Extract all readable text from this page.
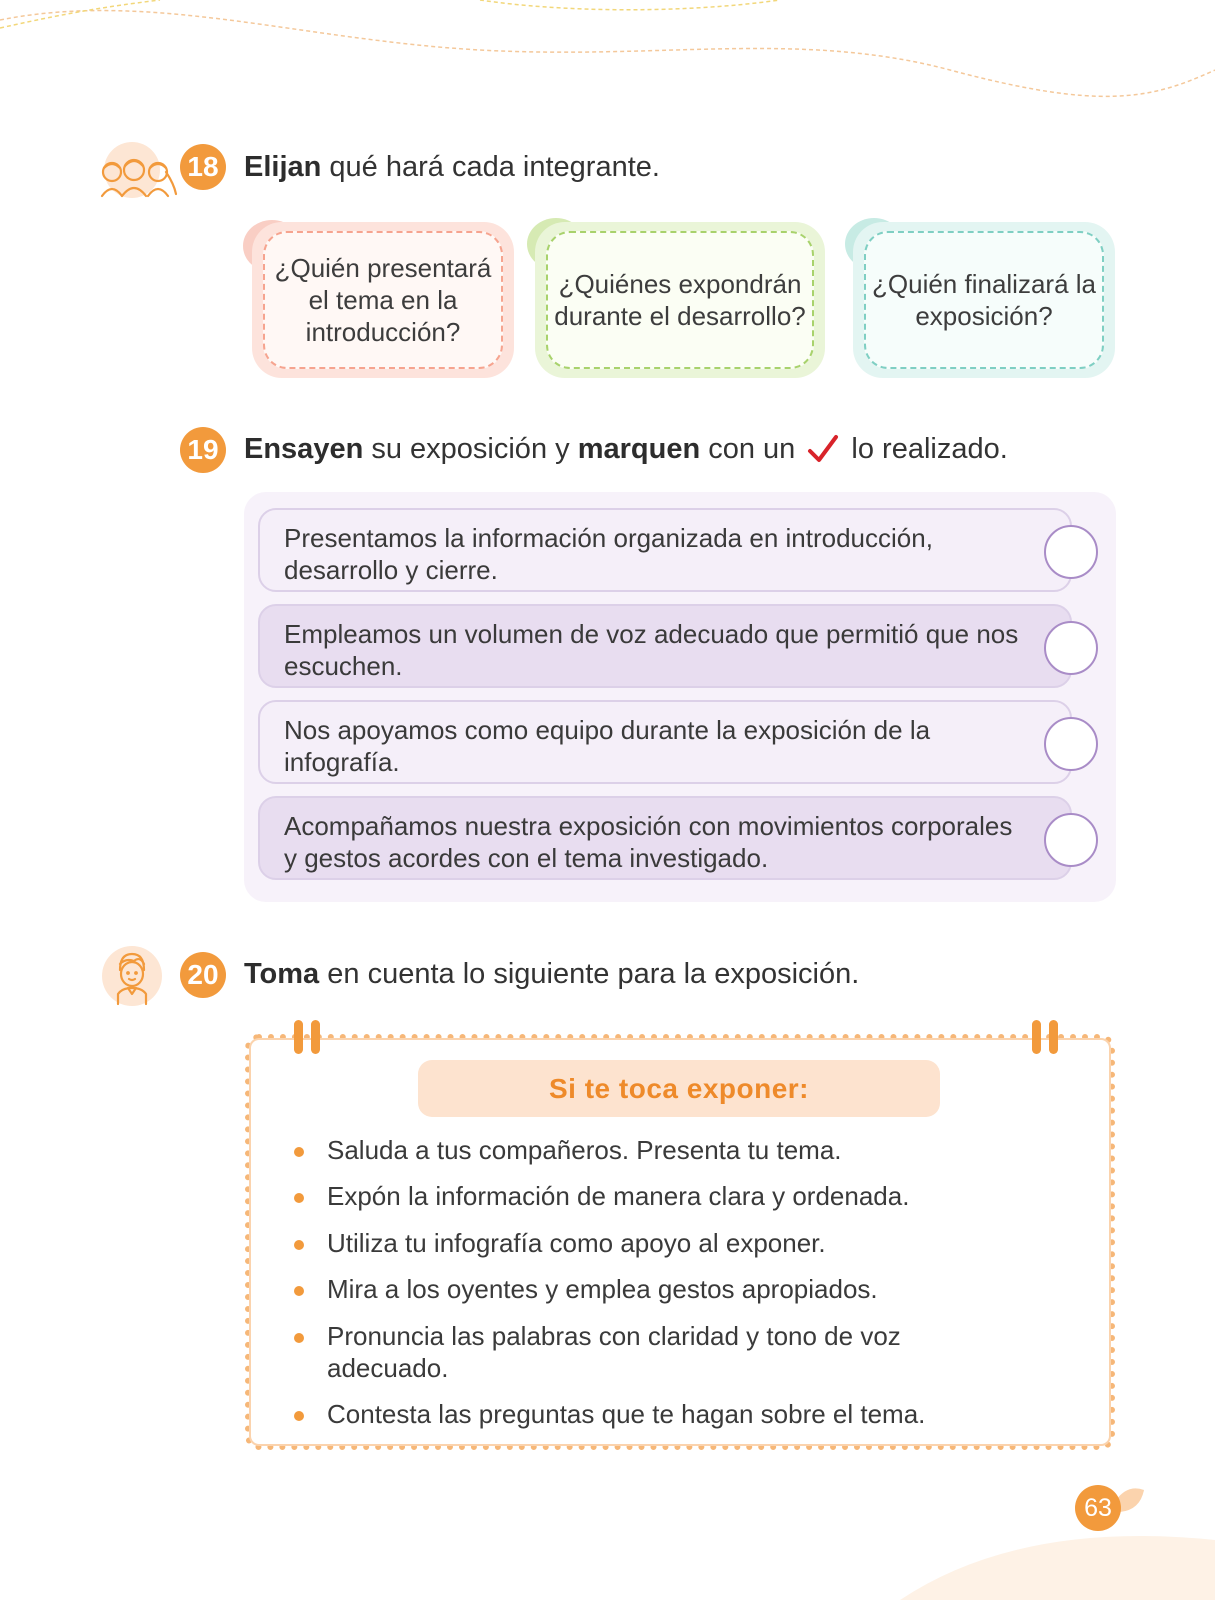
18 Elijan qué hará cada integrante.
¿Quién presentará el tema en la introducción?
¿Quiénes expondrán durante el desarrollo?
¿Quién finalizará la exposición?
19 Ensayen su exposición y marquen con un  lo realizado.
Presentamos la información organizada en introducción, desarrollo y cierre.
Empleamos un volumen de voz adecuado que permitió que nos escuchen.
Nos apoyamos como equipo durante la exposición de la infografía.
Acompañamos nuestra exposición con movimientos corporales y gestos acordes con el tema investigado.
20 Toma en cuenta lo siguiente para la exposición.
Si te toca exponer:
Saluda a tus compañeros. Presenta tu tema.
Expón la información de manera clara y ordenada.
Utiliza tu infografía como apoyo al exponer.
Mira a los oyentes y emplea gestos apropiados.
Pronuncia las palabras con claridad y tono de voz adecuado.
Contesta las preguntas que te hagan sobre el tema.
63
